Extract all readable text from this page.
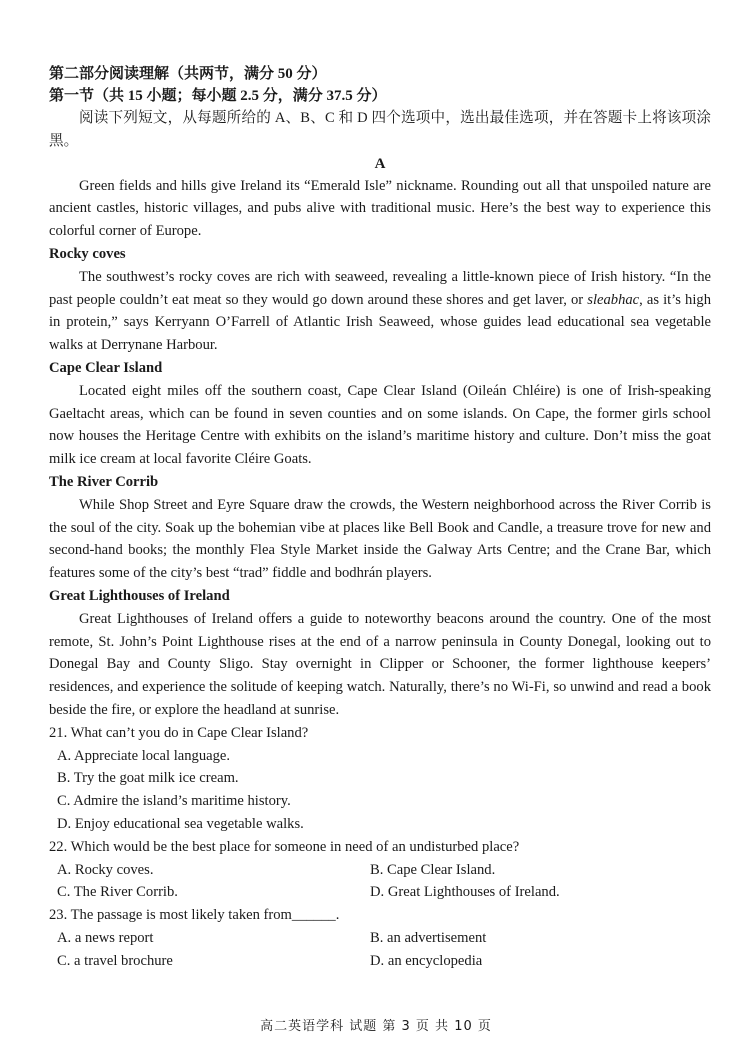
第二部分阅读理解（共两节，满分 50 分）

第一节（共 15 小题；每小题 2.5 分，满分 37.5 分）

阅读下列短文，从每题所给的 A、B、C 和 D 四个选项中，选出最佳选项，并在答题卡上将该项涂黑。

A

Green fields and hills give Ireland its “Emerald Isle” nickname. Rounding out all that unspoiled nature are ancient castles, historic villages, and pubs alive with traditional music. Here’s the best way to experience this colorful corner of Europe.

Rocky coves

The southwest’s rocky coves are rich with seaweed, revealing a little-known piece of Irish history. “In the past people couldn’t eat meat so they would go down around these shores and get laver, or sleabhac, as it’s high in protein,” says Kerryann O’Farrell of Atlantic Irish Seaweed, whose guides lead educational sea vegetable walks at Derrynane Harbour.

Cape Clear Island

Located eight miles off the southern coast, Cape Clear Island (Oileán Chléire) is one of Irish-speaking Gaeltacht areas, which can be found in seven counties and on some islands. On Cape, the former girls school now houses the Heritage Centre with exhibits on the island’s maritime history and culture. Don’t miss the goat milk ice cream at local favorite Cléire Goats.

The River Corrib

While Shop Street and Eyre Square draw the crowds, the Western neighborhood across the River Corrib is the soul of the city. Soak up the bohemian vibe at places like Bell Book and Candle, a treasure trove for new and second-hand books; the monthly Flea Style Market inside the Galway Arts Centre; and the Crane Bar, which features some of the city’s best “trad” fiddle and bodhrán players.

Great Lighthouses of Ireland

Great Lighthouses of Ireland offers a guide to noteworthy beacons around the country. One of the most remote, St. John’s Point Lighthouse rises at the end of a narrow peninsula in County Donegal, looking out to Donegal Bay and County Sligo. Stay overnight in Clipper or Schooner, the former lighthouse keepers’ residences, and experience the solitude of keeping watch. Naturally, there’s no Wi-Fi, so unwind and read a book beside the fire, or explore the headland at sunrise.

21. What can’t you do in Cape Clear Island?

A. Appreciate local language.

B. Try the goat milk ice cream.

C. Admire the island’s maritime history.

D. Enjoy educational sea vegetable walks.

22. Which would be the best place for someone in need of an undisturbed place?

A. Rocky coves.	B. Cape Clear Island.
C. The River Corrib.	D. Great Lighthouses of Ireland.

23. The passage is most likely taken from______.

A. a news report	B. an advertisement
C. a travel brochure	D. an encyclopedia
高二英语学科 试题 第 3 页 共 10 页
